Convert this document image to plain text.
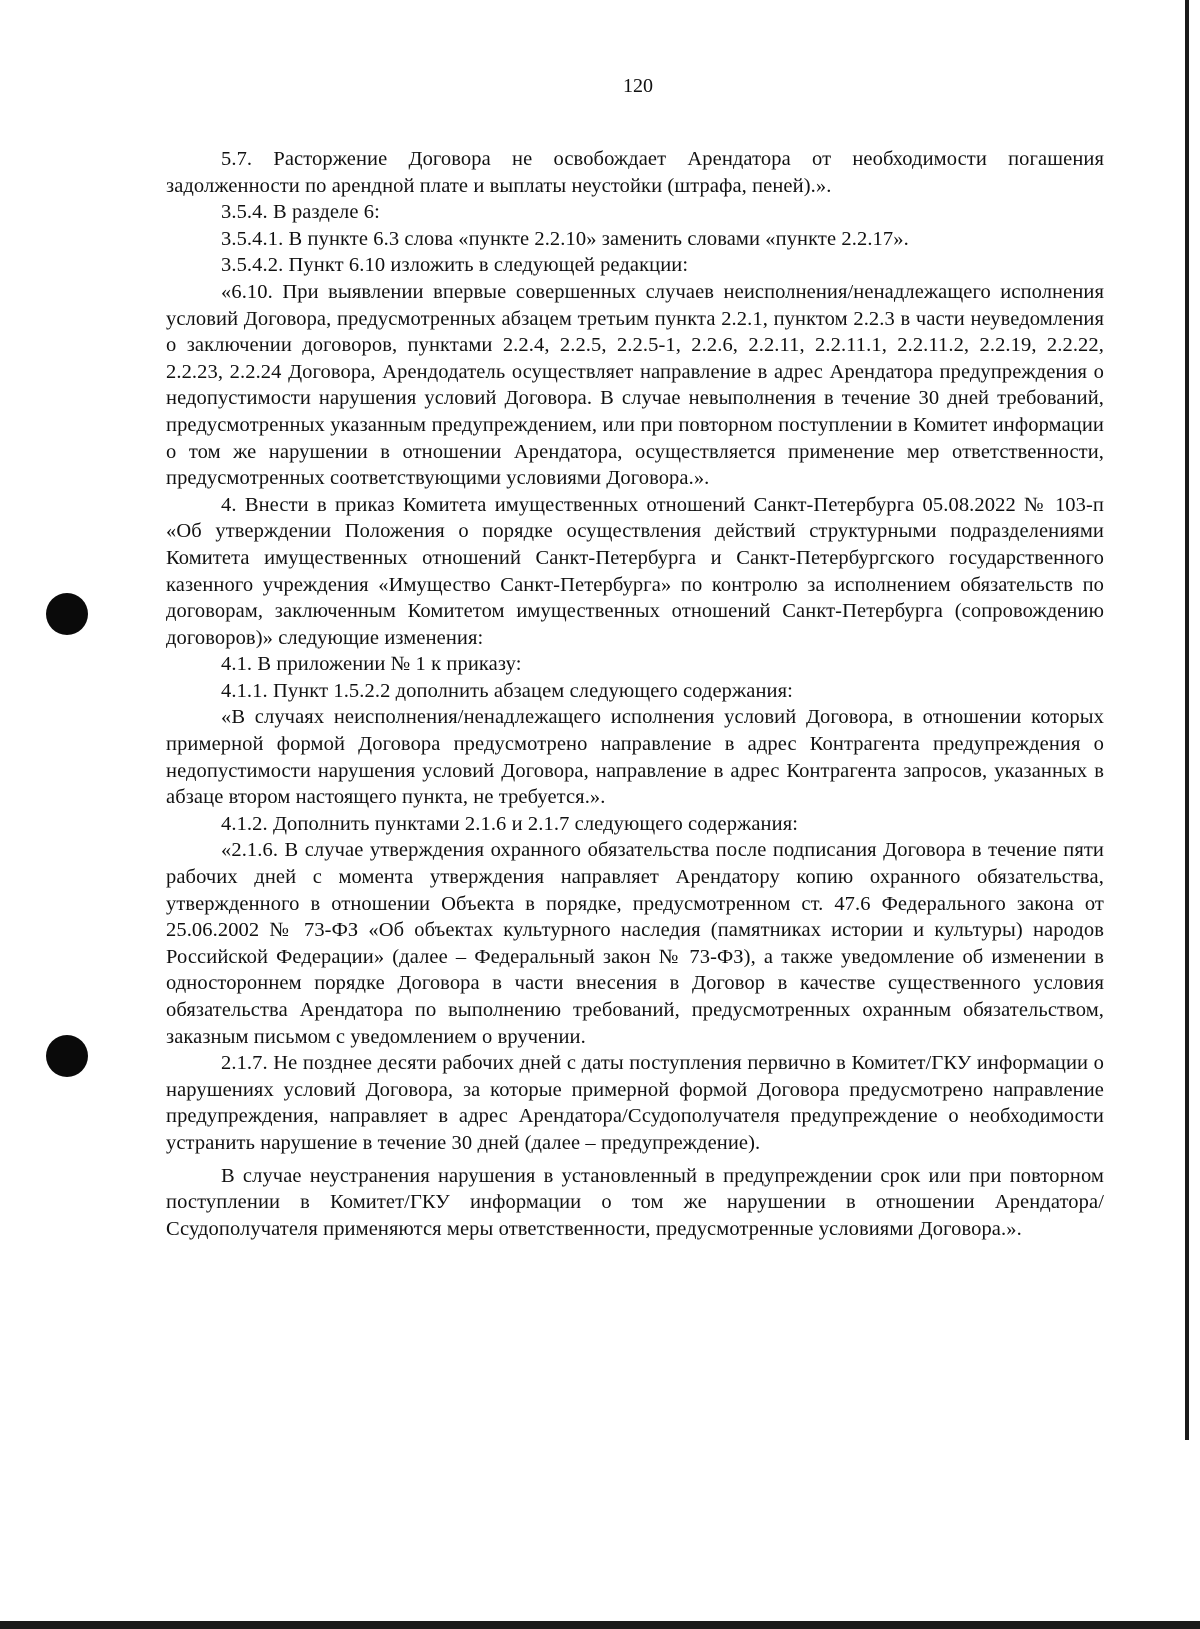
120

5.7. Расторжение Договора не освобождает Арендатора от необходимости погашения задолженности по арендной плате и выплаты неустойки (штрафа, пеней).».

3.5.4. В разделе 6:

3.5.4.1. В пункте 6.3 слова «пункте 2.2.10» заменить словами «пункте 2.2.17».

3.5.4.2. Пункт 6.10 изложить в следующей редакции:

«6.10. При выявлении впервые совершенных случаев неисполнения/ненадлежащего исполнения условий Договора, предусмотренных абзацем третьим пункта 2.2.1, пунктом 2.2.3 в части неуведомления о заключении договоров, пунктами 2.2.4, 2.2.5, 2.2.5-1, 2.2.6, 2.2.11, 2.2.11.1, 2.2.11.2, 2.2.19, 2.2.22, 2.2.23, 2.2.24 Договора, Арендодатель осуществляет направление в адрес Арендатора предупреждения о недопустимости нарушения условий Договора. В случае невыполнения в течение 30 дней требований, предусмотренных указанным предупреждением, или при повторном поступлении в Комитет информации о том же нарушении в отношении Арендатора, осуществляется применение мер ответственности, предусмотренных соответствующими условиями Договора.».

4. Внести в приказ Комитета имущественных отношений Санкт-Петербурга 05.08.2022 № 103-п «Об утверждении Положения о порядке осуществления действий структурными подразделениями Комитета имущественных отношений Санкт-Петербурга и Санкт-Петербургского государственного казенного учреждения «Имущество Санкт-Петербурга» по контролю за исполнением обязательств по договорам, заключенным Комитетом имущественных отношений Санкт-Петербурга (сопровождению договоров)» следующие изменения:

4.1. В приложении № 1 к приказу:

4.1.1. Пункт 1.5.2.2 дополнить абзацем следующего содержания:

«В случаях неисполнения/ненадлежащего исполнения условий Договора, в отношении которых примерной формой Договора предусмотрено направление в адрес Контрагента предупреждения о недопустимости нарушения условий Договора, направление в адрес Контрагента запросов, указанных в абзаце втором настоящего пункта, не требуется.».

4.1.2. Дополнить пунктами 2.1.6 и 2.1.7 следующего содержания:

«2.1.6. В случае утверждения охранного обязательства после подписания Договора в течение пяти рабочих дней с момента утверждения направляет Арендатору копию охранного обязательства, утвержденного в отношении Объекта в порядке, предусмотренном ст. 47.6 Федерального закона от 25.06.2002 № 73-ФЗ «Об объектах культурного наследия (памятниках истории и культуры) народов Российской Федерации» (далее – Федеральный закон № 73-ФЗ), а также уведомление об изменении в одностороннем порядке Договора в части внесения в Договор в качестве существенного условия обязательства Арендатора по выполнению требований, предусмотренных охранным обязательством, заказным письмом с уведомлением о вручении.

2.1.7. Не позднее десяти рабочих дней с даты поступления первично в Комитет/ГКУ информации о нарушениях условий Договора, за которые примерной формой Договора предусмотрено направление предупреждения, направляет в адрес Арендатора/Ссудополучателя предупреждение о необходимости устранить нарушение в течение 30 дней (далее – предупреждение).

В случае неустранения нарушения в установленный в предупреждении срок или при повторном поступлении в Комитет/ГКУ информации о том же нарушении в отношении Арендатора/Ссудополучателя применяются меры ответственности, предусмотренные условиями Договора.».
